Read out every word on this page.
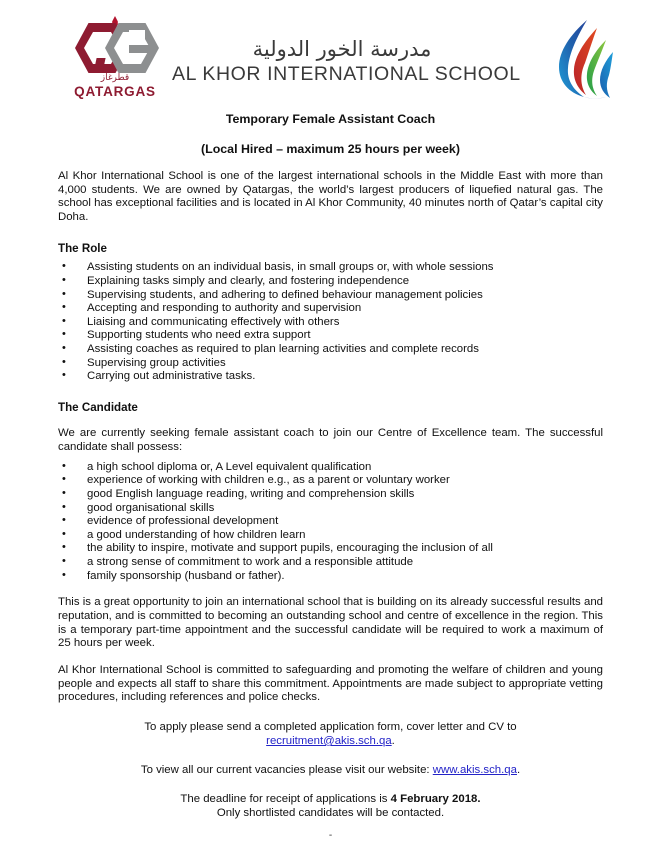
قطرغاز
QATARGAS
مدرسة الخور الدولية
AL KHOR INTERNATIONAL SCHOOL
Temporary Female Assistant Coach
(Local Hired – maximum 25 hours per week)
Al Khor International School is one of the largest international schools in the Middle East with more than 4,000 students. We are owned by Qatargas, the world’s largest producers of liquefied natural gas. The school has exceptional facilities and is located in Al Khor Community, 40 minutes north of Qatar’s capital city Doha.
The Role
• Assisting students on an individual basis, in small groups or, with whole sessions
• Explaining tasks simply and clearly, and fostering independence
• Supervising students, and adhering to defined behaviour management policies
• Accepting and responding to authority and supervision
• Liaising and communicating effectively with others
• Supporting students who need extra support
• Assisting coaches as required to plan learning activities and complete records
• Supervising group activities
• Carrying out administrative tasks.
The Candidate
We are currently seeking female assistant coach to join our Centre of Excellence team. The successful candidate shall possess:
• a high school diploma or, A Level equivalent qualification
• experience of working with children e.g., as a parent or voluntary worker
• good English language reading, writing and comprehension skills
• good organisational skills
• evidence of professional development
• a good understanding of how children learn
• the ability to inspire, motivate and support pupils, encouraging the inclusion of all
• a strong sense of commitment to work and a responsible attitude
• family sponsorship (husband or father).
This is a great opportunity to join an international school that is building on its already successful results and reputation, and is committed to becoming an outstanding school and centre of excellence in the region. This is a temporary part-time appointment and the successful candidate will be required to work a maximum of 25 hours per week.
Al Khor International School is committed to safeguarding and promoting the welfare of children and young people and expects all staff to share this commitment. Appointments are made subject to appropriate vetting procedures, including references and police checks.
To apply please send a completed application form, cover letter and CV to
recruitment@akis.sch.qa.
To view all our current vacancies please visit our website: www.akis.sch.qa.
The deadline for receipt of applications is 4 February 2018.
Only shortlisted candidates will be contacted.
-
